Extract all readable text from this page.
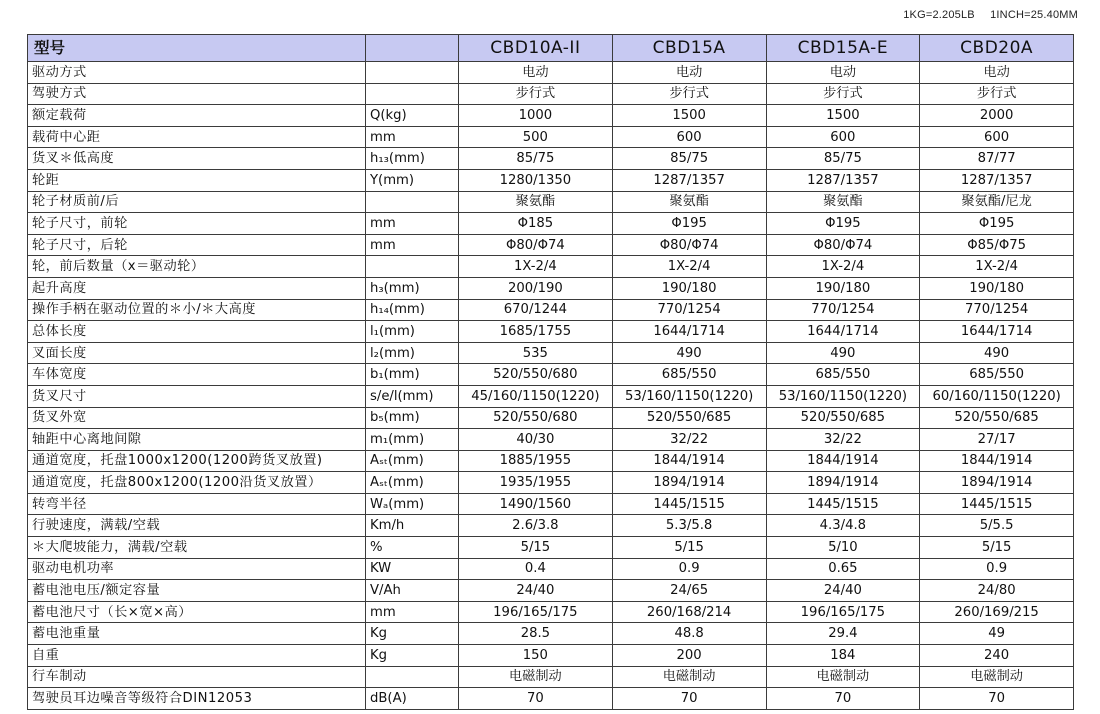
1KG=2.205LB 1INCH=25.40MM
型号		CBD10A-II	CBD15A	CBD15A-E	CBD20A
驱动方式		电动	电动	电动	电动
驾驶方式		步行式	步行式	步行式	步行式
额定载荷	Q(kg)	1000	1500	1500	2000
载荷中心距	mm	500	600	600	600
货叉＊低高度	h₁₃(mm)	85/75	85/75	85/75	87/77
轮距	Y(mm)	1280/1350	1287/1357	1287/1357	1287/1357
轮子材质前/后		聚氨酯	聚氨酯	聚氨酯	聚氨酯/尼龙
轮子尺寸，前轮	mm	Φ185	Φ195	Φ195	Φ195
轮子尺寸，后轮	mm	Φ80/Φ74	Φ80/Φ74	Φ80/Φ74	Φ85/Φ75
轮，前后数量（x＝驱动轮）		1X-2/4	1X-2/4	1X-2/4	1X-2/4
起升高度	h₃(mm)	200/190	190/180	190/180	190/180
操作手柄在驱动位置的＊小/＊大高度	h₁₄(mm)	670/1244	770/1254	770/1254	770/1254
总体长度	l₁(mm)	1685/1755	1644/1714	1644/1714	1644/1714
叉面长度	l₂(mm)	535	490	490	490
车体宽度	b₁(mm)	520/550/680	685/550	685/550	685/550
货叉尺寸	s/e/l(mm)	45/160/1150(1220)	53/160/1150(1220)	53/160/1150(1220)	60/160/1150(1220)
货叉外宽	b₅(mm)	520/550/680	520/550/685	520/550/685	520/550/685
轴距中心离地间隙	m₁(mm)	40/30	32/22	32/22	27/17
通道宽度，托盘1000x1200(1200跨货叉放置)	Aₛₜ(mm)	1885/1955	1844/1914	1844/1914	1844/1914
通道宽度，托盘800x1200(1200沿货叉放置）	Aₛₜ(mm)	1935/1955	1894/1914	1894/1914	1894/1914
转弯半径	Wₐ(mm)	1490/1560	1445/1515	1445/1515	1445/1515
行驶速度，满载/空载	Km/h	2.6/3.8	5.3/5.8	4.3/4.8	5/5.5
＊大爬坡能力，满载/空载	%	5/15	5/15	5/10	5/15
驱动电机功率	KW	0.4	0.9	0.65	0.9
蓄电池电压/额定容量	V/Ah	24/40	24/65	24/40	24/80
蓄电池尺寸（长×宽×高）	mm	196/165/175	260/168/214	196/165/175	260/169/215
蓄电池重量	Kg	28.5	48.8	29.4	49
自重	Kg	150	200	184	240
行车制动		电磁制动	电磁制动	电磁制动	电磁制动
驾驶员耳边噪音等级符合DIN12053	dB(A)	70	70	70	70
